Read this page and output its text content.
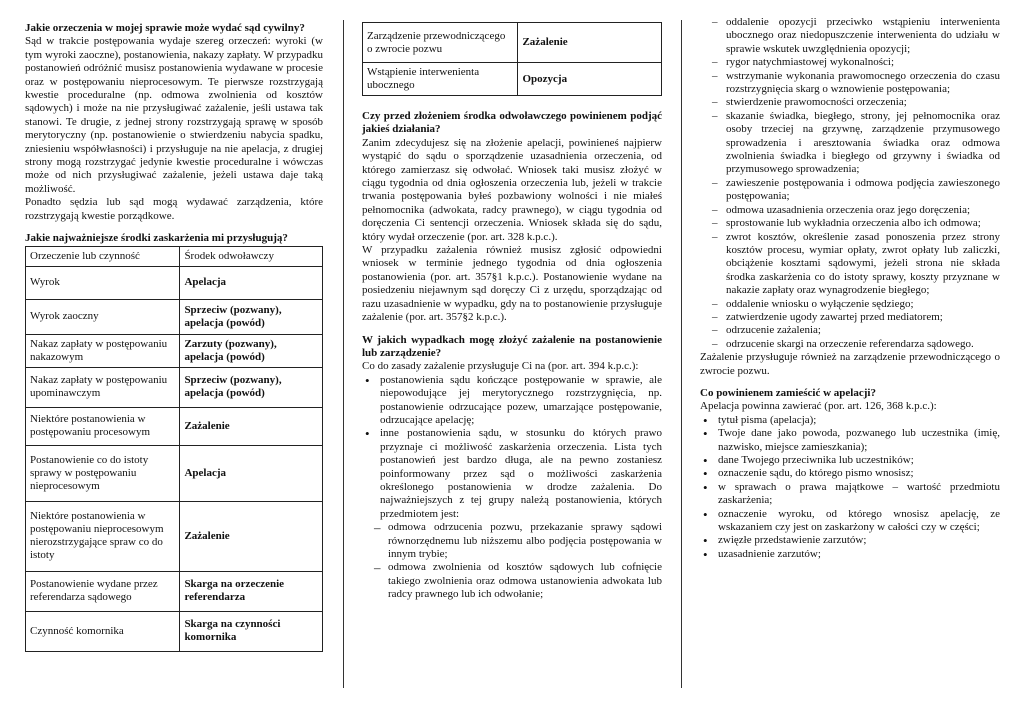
Jakie orzeczenia w mojej sprawie może wydać sąd cywilny?

Sąd w trakcie postępowania wydaje szereg orzeczeń: wyroki (w tym wyroki zaoczne), postanowienia, nakazy zapłaty. W przypadku postanowień odróżnić musisz postanowienia wydawane w procesie oraz w postępowaniu nieprocesowym. Te pierwsze rozstrzygają kwestie proceduralne (np. odmowa zwolnienia od kosztów sądowych) i może na nie przysługiwać zażalenie, jeśli ustawa tak stanowi. Te drugie, z jednej strony rozstrzygają sprawę w sposób merytoryczny (np. postanowienie o stwierdzeniu nabycia spadku, zniesieniu współwłasności) i przysługuje na nie apelacja, z drugiej strony mogą rozstrzygać jedynie kwestie proceduralne i wówczas może od nich przysługiwać zażalenie, jeżeli ustawa daje taką możliwość.

Ponadto sędzia lub sąd mogą wydawać zarządzenia, które rozstrzygają kwestie porządkowe.

Jakie najważniejsze środki zaskarżenia mi przysługują?

Orzeczenie lub czynność	Środek odwoławczy
Wyrok	Apelacja
Wyrok zaoczny	Sprzeciw (pozwany), apelacja (powód)
Nakaz zapłaty w postępowaniu nakazowym	Zarzuty (pozwany), apelacja (powód)
Nakaz zapłaty w postępowaniu upominawczym	Sprzeciw (pozwany), apelacja (powód)
Niektóre postanowienia w postępowaniu procesowym	Zażalenie
Postanowienie co do istoty sprawy w postępowaniu nieprocesowym	Apelacja
Niektóre postanowienia w postępowaniu nieprocesowym nierozstrzygające spraw co do istoty	Zażalenie
Postanowienie wydane przez referendarza sądowego	Skarga na orzeczenie referendarza
Czynność komornika	Skarga na czynności komornika
Zarządzenie przewodniczącego o zwrocie pozwu	Zażalenie
Wstąpienie interwenienta ubocznego	Opozycja

Czy przed złożeniem środka odwoławczego powinienem podjąć jakieś działania?

Zanim zdecydujesz się na złożenie apelacji, powinieneś najpierw wystąpić do sądu o sporządzenie uzasadnienia orzeczenia, od którego zamierzasz się odwołać. Wniosek taki musisz złożyć w ciągu tygodnia od dnia ogłoszenia orzeczenia lub, jeżeli w trakcie trwania postępowania byłeś pozbawiony wolności i nie miałeś pełnomocnika (adwokata, radcy prawnego), w ciągu tygodnia od doręczenia Ci sentencji orzeczenia. Wniosek składa się do sądu, który wydał orzeczenie (por. art. 328 k.p.c.).

W przypadku zażalenia również musisz zgłosić odpowiedni wniosek w terminie jednego tygodnia od dnia ogłoszenia postanowienia (por. art. 357§1 k.p.c.). Postanowienie wydane na posiedzeniu niejawnym sąd doręczy Ci z urzędu, sporządzając od razu uzasadnienie w wypadku, gdy na to postanowienie przysługuje zażalenie (por. art. 357§2 k.p.c.).

W jakich wypadkach mogę złożyć zażalenie na postanowienie lub zarządzenie?

Co do zasady zażalenie przysługuje Ci na (por. art. 394 k.p.c.):

• postanowienia sądu kończące postępowanie w sprawie, ale niepowodujące jej merytorycznego rozstrzygnięcia, np. postanowienie odrzucające pozew, umarzające postępowanie, odrzucające apelację;
• inne postanowienia sądu, w stosunku do których prawo przyznaje ci możliwość zaskarżenia orzeczenia. Lista tych postanowień jest bardzo długa, ale na pewno zostaniesz poinformowany przez sąd o możliwości zaskarżenia określonego postanowienia w drodze zażalenia. Do najważniejszych z tej grupy należą postanowienia, których przedmiotem jest:
– odmowa odrzucenia pozwu, przekazanie sprawy sądowi równorzędnemu lub niższemu albo podjęcia postępowania w innym trybie;
– odmowa zwolnienia od kosztów sądowych lub cofnięcie takiego zwolnienia oraz odmowa ustanowienia adwokata lub radcy prawnego lub ich odwołanie;
– oddalenie opozycji przeciwko wstąpieniu interwenienta ubocznego oraz niedopuszczenie interwenienta do udziału w sprawie wskutek uwzględnienia opozycji;
– rygor natychmiastowej wykonalności;
– wstrzymanie wykonania prawomocnego orzeczenia do czasu rozstrzygnięcia skarg o wznowienie postępowania;
– stwierdzenie prawomocności orzeczenia;
– skazanie świadka, biegłego, strony, jej pełnomocnika oraz osoby trzeciej na grzywnę, zarządzenie przymusowego sprowadzenia i aresztowania świadka oraz odmowa zwolnienia świadka i biegłego od grzywny i świadka od przymusowego sprowadzenia;
– zawieszenie postępowania i odmowa podjęcia zawieszonego postępowania;
– odmowa uzasadnienia orzeczenia oraz jego doręczenia;
– sprostowanie lub wykładnia orzeczenia albo ich odmowa;
– zwrot kosztów, określenie zasad ponoszenia przez strony kosztów procesu, wymiar opłaty, zwrot opłaty lub zaliczki, obciążenie kosztami sądowymi, jeżeli strona nie składa środka zaskarżenia co do istoty sprawy, koszty przyznane w nakazie zapłaty oraz wynagrodzenie biegłego;
– oddalenie wniosku o wyłączenie sędziego;
– zatwierdzenie ugody zawartej przed mediatorem;
– odrzucenie zażalenia;
– odrzucenie skargi na orzeczenie referendarza sądowego.

Zażalenie przysługuje również na zarządzenie przewodniczącego o zwrocie pozwu.

Co powinienem zamieścić w apelacji?

Apelacja powinna zawierać (por. art. 126, 368 k.p.c.):

• tytuł pisma (apelacja);
• Twoje dane jako powoda, pozwanego lub uczestnika (imię, nazwisko, miejsce zamieszkania);
• dane Twojego przeciwnika lub uczestników;
• oznaczenie sądu, do którego pismo wnosisz;
• w sprawach o prawa majątkowe – wartość przedmiotu zaskarżenia;
• oznaczenie wyroku, od którego wnosisz apelację, ze wskazaniem czy jest on zaskarżony w całości czy w części;
• zwięzłe przedstawienie zarzutów;
• uzasadnienie zarzutów;
